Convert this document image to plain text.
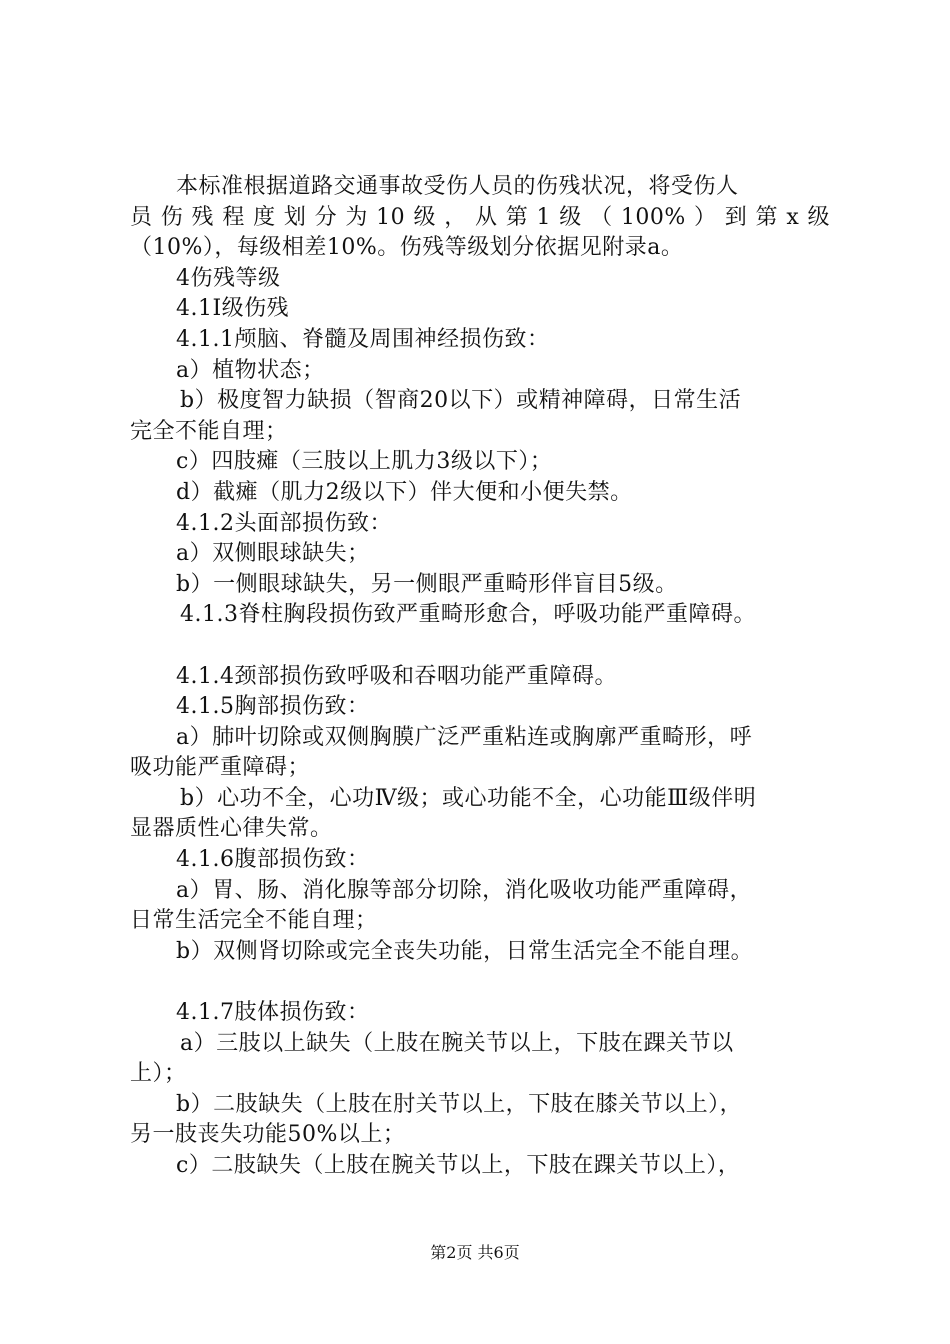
本标准根据道路交通事故受伤人员的伤残状况，将受伤人
员伤残程度划分为10级，从第1级（100%）到第x级
（10%），每级相差10%。伤残等级划分依据见附录a。
4伤残等级
4.1Ⅰ级伤残
4.1.1颅脑、脊髓及周围神经损伤致：
a）植物状态；
b）极度智力缺损（智商20以下）或精神障碍，日常生活
完全不能自理；
c）四肢瘫（三肢以上肌力3级以下）；
d）截瘫（肌力2级以下）伴大便和小便失禁。
4.1.2头面部损伤致：
a）双侧眼球缺失；
b）一侧眼球缺失，另一侧眼严重畸形伴盲目5级。
4.1.3脊柱胸段损伤致严重畸形愈合，呼吸功能严重障碍。
4.1.4颈部损伤致呼吸和吞咽功能严重障碍。
4.1.5胸部损伤致：
a）肺叶切除或双侧胸膜广泛严重粘连或胸廓严重畸形，呼
吸功能严重障碍；
b）心功不全，心功Ⅳ级；或心功能不全，心功能Ⅲ级伴明
显器质性心律失常。
4.1.6腹部损伤致：
a）胃、肠、消化腺等部分切除，消化吸收功能严重障碍，
日常生活完全不能自理；
b）双侧肾切除或完全丧失功能，日常生活完全不能自理。
4.1.7肢体损伤致：
a）三肢以上缺失（上肢在腕关节以上，下肢在踝关节以
上）；
b）二肢缺失（上肢在肘关节以上，下肢在膝关节以上），
另一肢丧失功能50%以上；
c）二肢缺失（上肢在腕关节以上，下肢在踝关节以上），
第2页 共6页
